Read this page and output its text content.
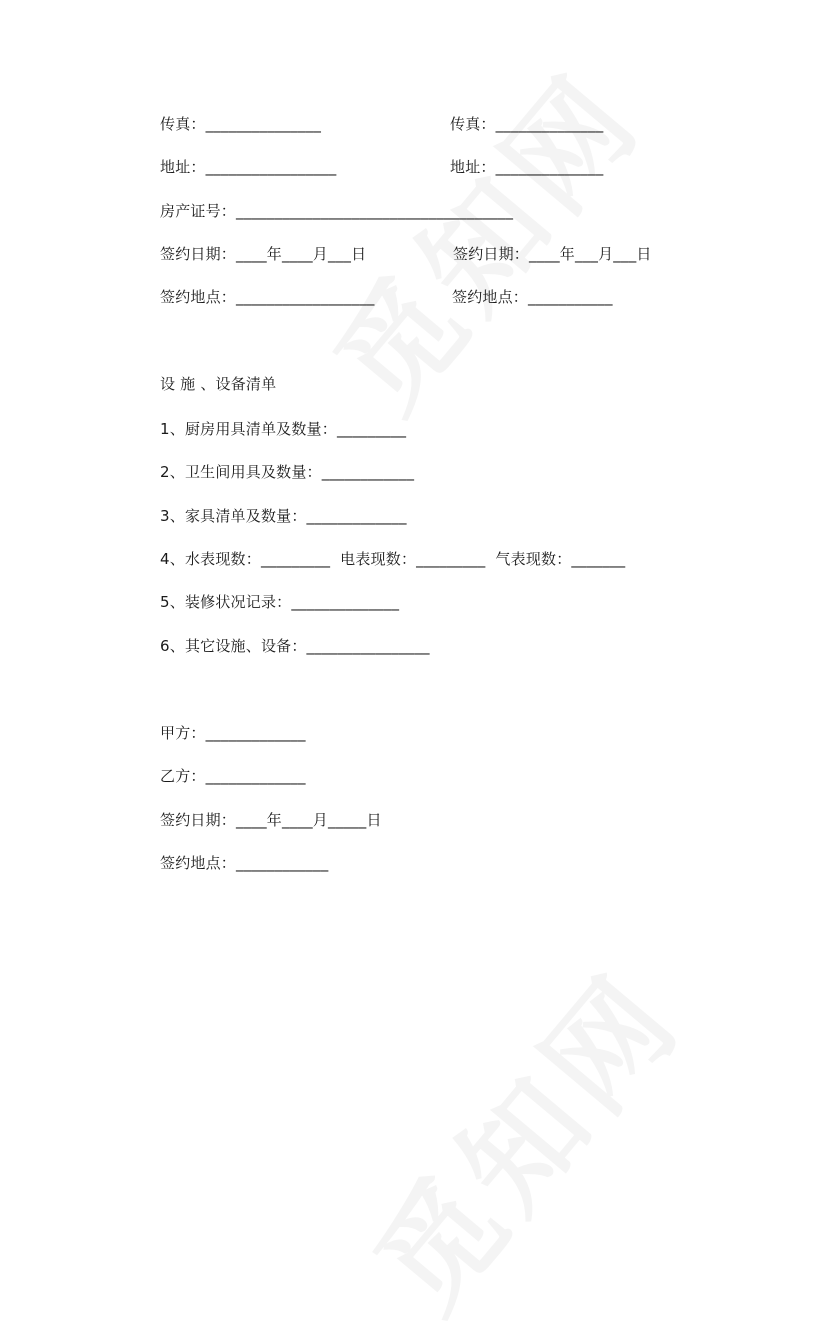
传真：_______________	传真：______________
地址：_________________	地址：______________
房产证号：____________________________________
签约日期：____年____月___日	签约日期：____年___月___日
签约地点：__________________	签约地点：___________
设 施 、设备清单
1、厨房用具清单及数量：_________
2、卫生间用具及数量：____________
3、家具清单及数量：_____________
4、水表现数：_________  电表现数：_________  气表现数：_______
5、装修状况记录：______________
6、其它设施、设备：________________
甲方：_____________
乙方：_____________
签约日期：____年____月_____日
签约地点：____________
